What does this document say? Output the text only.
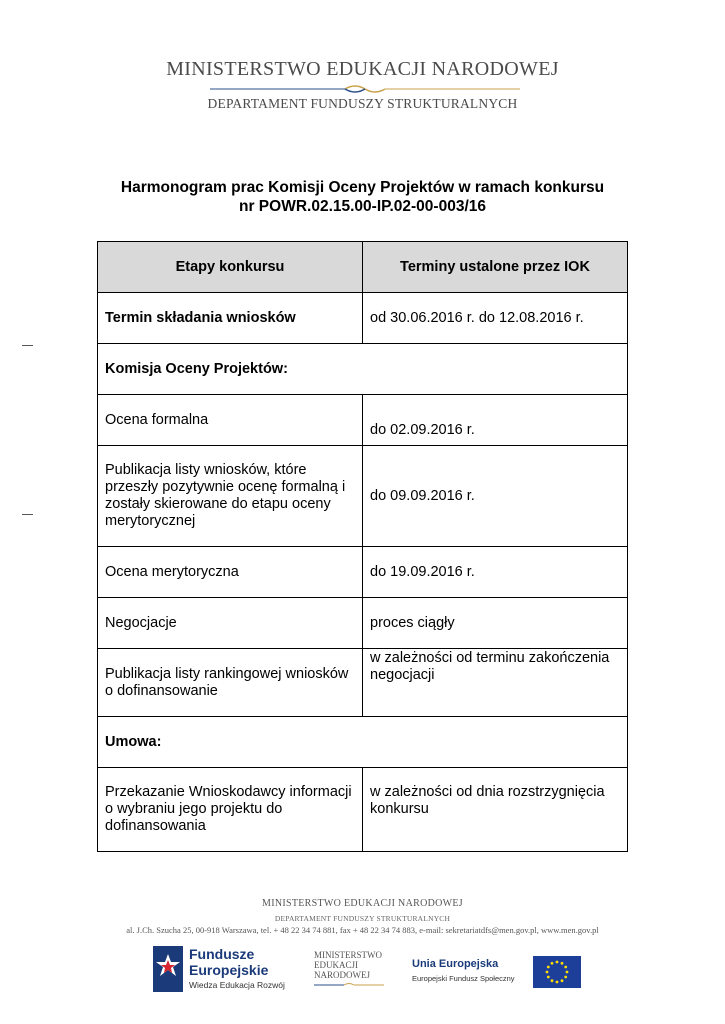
MINISTERSTWO EDUKACJI NARODOWEJ
DEPARTAMENT FUNDUSZY STRUKTURALNYCH
Harmonogram prac Komisji Oceny Projektów w ramach konkursu
nr POWR.02.15.00-IP.02-00-003/16
Etapy konkursu	Terminy ustalone przez IOK
Termin składania wniosków	od 30.06.2016 r. do 12.08.2016 r.
Komisja Oceny Projektów:	
Ocena formalna	do 02.09.2016 r.
Publikacja listy wniosków, które przeszły pozytywnie ocenę formalną i zostały skierowane do etapu oceny merytorycznej	do 09.09.2016 r.
Ocena merytoryczna	do 19.09.2016 r.
Negocjacje	proces ciągły
Publikacja listy rankingowej wniosków o dofinansowanie	w zależności od terminu zakończenia negocjacji
Umowa:	
Przekazanie Wnioskodawcy informacji o wybraniu jego projektu do dofinansowania	w zależności od dnia rozstrzygnięcia konkursu
MINISTERSTWO EDUKACJI NARODOWEJ
DEPARTAMENT FUNDUSZY STRUKTURALNYCH
al. J.Ch. Szucha 25, 00-918 Warszawa, tel. + 48 22 34 74 881, fax + 48 22 34 74 883, e-mail: sekretariatdfs@men.gov.pl, www.men.gov.pl
Fundusze
Europejskie
Wiedza Edukacja Rozwój
MINISTERSTWO
EDUKACJI
NARODOWEJ
Unia Europejska
Europejski Fundusz Społeczny
